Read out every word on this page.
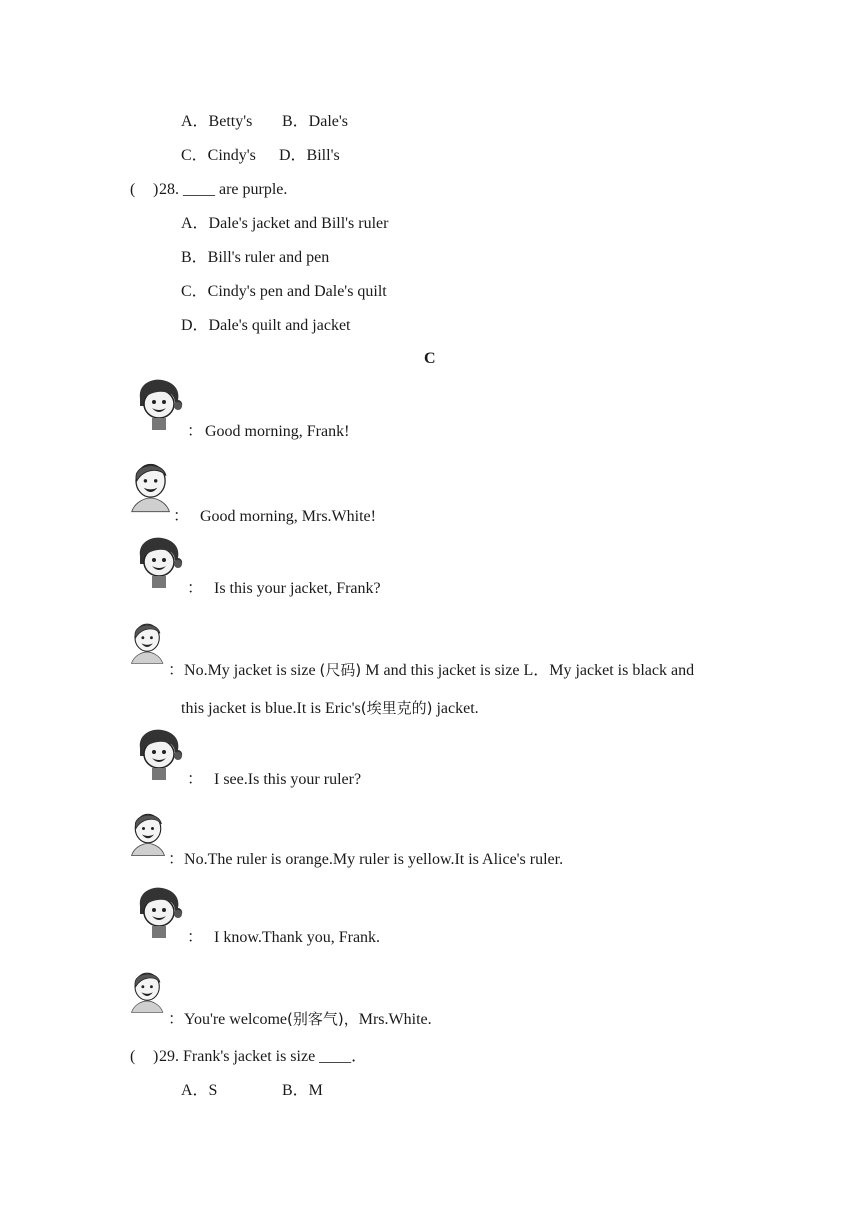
A．Betty's B．Dale's
C．Cindy's D．Bill's
( ) 28. ____ are purple.
A．Dale's jacket and Bill's ruler
B．Bill's ruler and pen
C．Cindy's pen and Dale's quilt
D．Dale's quilt and jacket
C
： Good morning, Frank!
： Good morning, Mrs.White!
： Is this your jacket, Frank?
：No.My jacket is size (尺码) M and this jacket is size L．My jacket is black and
this jacket is blue.It is Eric's(埃里克的) jacket.
： I see.Is this your ruler?
：No.The ruler is orange.My ruler is yellow.It is Alice's ruler.
： I know.Thank you, Frank.
：You're welcome(别客气)，Mrs.White.
( ) 29. Frank's jacket is size ____．
A．S	B．M
